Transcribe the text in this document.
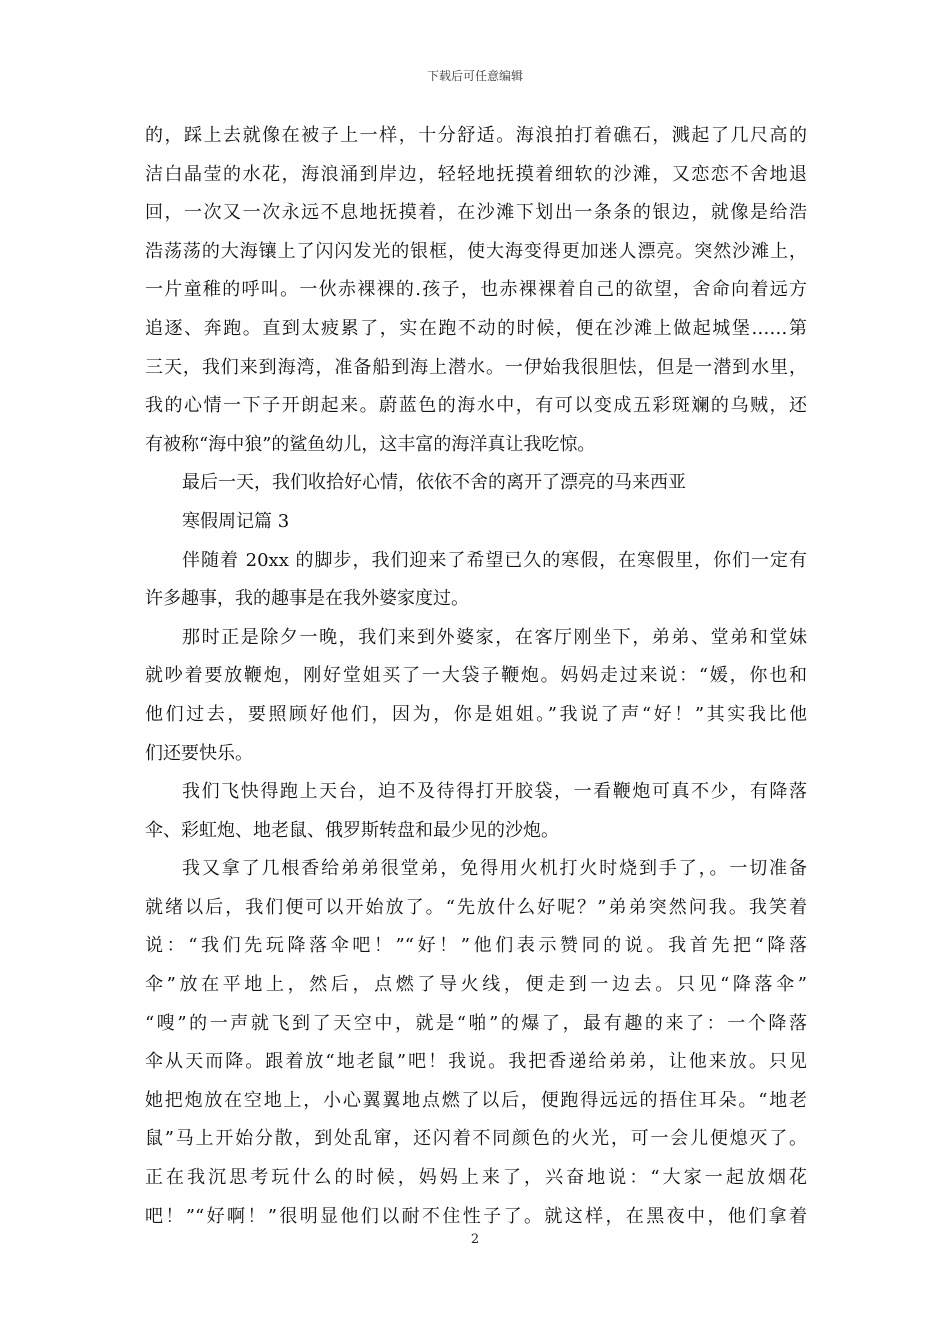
下载后可任意编辑
的，踩上去就像在被子上一样，十分舒适。海浪拍打着礁石，溅起了几尺高的
洁白晶莹的水花，海浪涌到岸边，轻轻地抚摸着细软的沙滩，又恋恋不舍地退
回，一次又一次永远不息地抚摸着，在沙滩下划出一条条的银边，就像是给浩
浩荡荡的大海镶上了闪闪发光的银框，使大海变得更加迷人漂亮。突然沙滩上，
一片童稚的呼叫。一伙赤裸裸的.孩子，也赤裸裸着自己的欲望，舍命向着远方
追逐、奔跑。直到太疲累了，实在跑不动的时候，便在沙滩上做起城堡……第
三天，我们来到海湾，准备船到海上潜水。一伊始我很胆怯，但是一潜到水里，
我的心情一下子开朗起来。蔚蓝色的海水中，有可以变成五彩斑斓的乌贼，还
有被称“海中狼”的鲨鱼幼儿，这丰富的海洋真让我吃惊。
最后一天，我们收拾好心情，依依不舍的离开了漂亮的马来西亚
寒假周记篇 3
伴随着 20xx 的脚步，我们迎来了希望已久的寒假，在寒假里，你们一定有
许多趣事，我的趣事是在我外婆家度过。
那时正是除夕一晚，我们来到外婆家，在客厅刚坐下，弟弟、堂弟和堂妹
就吵着要放鞭炮，刚好堂姐买了一大袋子鞭炮。妈妈走过来说：“媛，你也和
他们过去，要照顾好他们，因为，你是姐姐。”我说了声“好！”其实我比他
们还要快乐。
我们飞快得跑上天台，迫不及待得打开胶袋，一看鞭炮可真不少，有降落
伞、彩虹炮、地老鼠、俄罗斯转盘和最少见的沙炮。
我又拿了几根香给弟弟很堂弟，免得用火机打火时烧到手了，。一切准备
就绪以后，我们便可以开始放了。“先放什么好呢？”弟弟突然问我。我笑着
说：“我们先玩降落伞吧！”“好！”他们表示赞同的说。我首先把“降落
伞”放在平地上，然后，点燃了导火线，便走到一边去。只见“降落伞”
“嗖”的一声就飞到了天空中，就是“啪”的爆了，最有趣的来了：一个降落
伞从天而降。跟着放“地老鼠”吧！我说。我把香递给弟弟，让他来放。只见
她把炮放在空地上，小心翼翼地点燃了以后，便跑得远远的捂住耳朵。“地老
鼠”马上开始分散，到处乱窜，还闪着不同颜色的火光，可一会儿便熄灭了。
正在我沉思考玩什么的时候，妈妈上来了，兴奋地说：“大家一起放烟花
吧！”“好啊！”很明显他们以耐不住性子了。就这样，在黑夜中，他们拿着
2
